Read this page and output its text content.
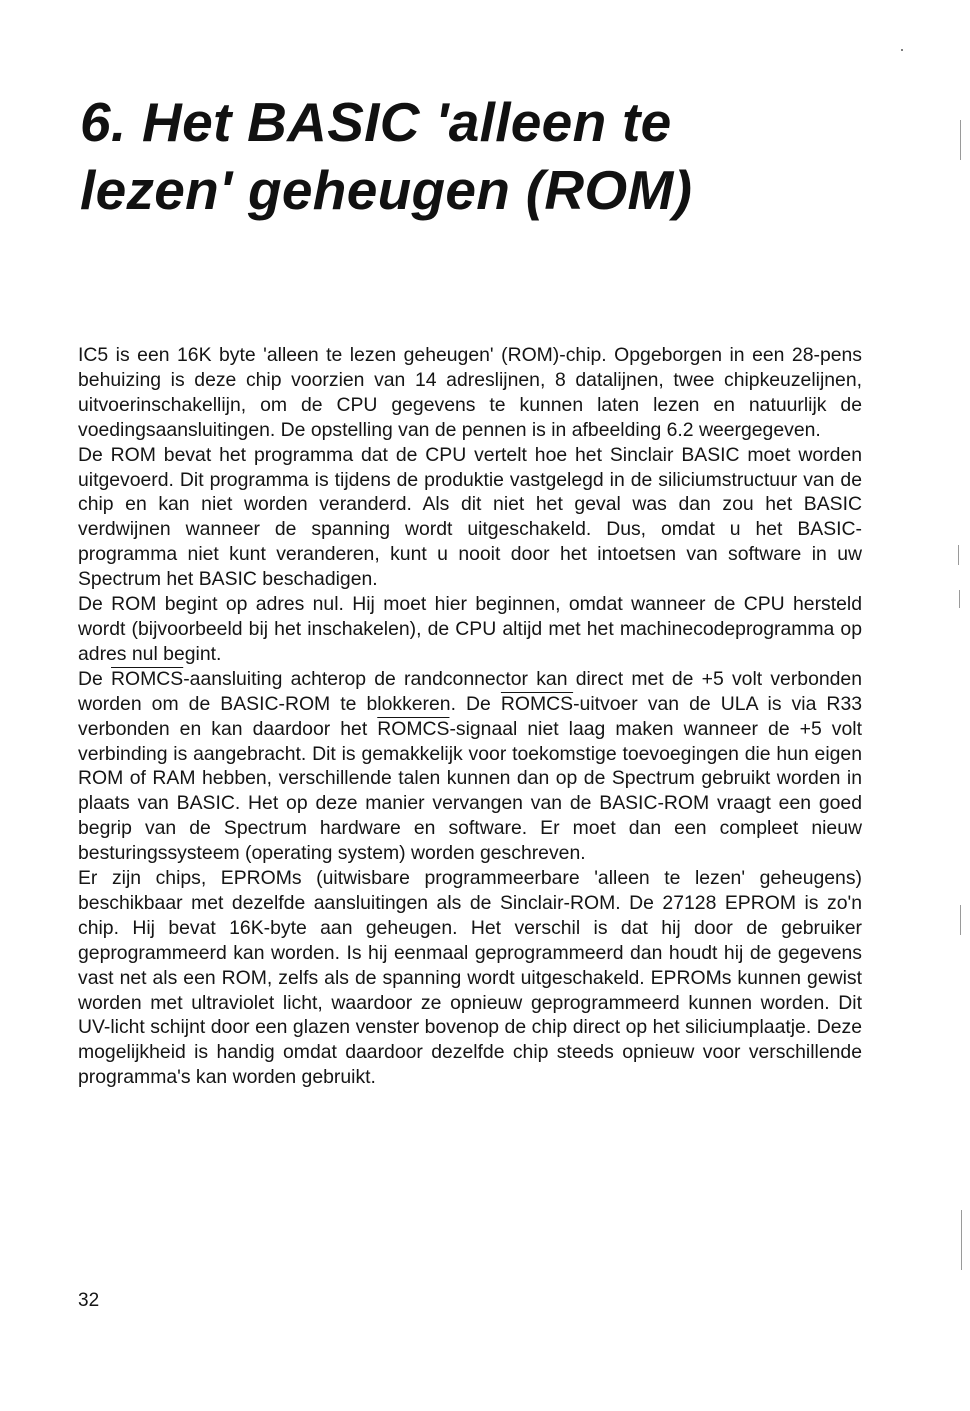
6. Het BASIC 'alleen te
lezen' geheugen (ROM)

IC5 is een 16K byte 'alleen te lezen geheugen' (ROM)-chip. Opgeborgen in een 28-pens behuizing is deze chip voorzien van 14 adreslijnen, 8 datalijnen, twee chipkeuzelijnen, uitvoerinschakellijn, om de CPU gegevens te kunnen laten lezen en natuurlijk de voedingsaansluitingen. De opstelling van de pennen is in afbeelding 6.2 weergegeven.

De ROM bevat het programma dat de CPU vertelt hoe het Sinclair BASIC moet worden uitgevoerd. Dit programma is tijdens de produktie vastgelegd in de siliciumstructuur van de chip en kan niet worden veranderd. Als dit niet het geval was dan zou het BASIC verdwijnen wanneer de spanning wordt uitgeschakeld. Dus, omdat u het BASIC-programma niet kunt veranderen, kunt u nooit door het intoetsen van software in uw Spectrum het BASIC beschadigen.

De ROM begint op adres nul. Hij moet hier beginnen, omdat wanneer de CPU hersteld wordt (bijvoorbeeld bij het inschakelen), de CPU altijd met het machinecodeprogramma op adres nul begint.

De ROMCS-aansluiting achterop de randconnector kan direct met de +5 volt verbonden worden om de BASIC-ROM te blokkeren. De ROMCS-uitvoer van de ULA is via R33 verbonden en kan daardoor het ROMCS-signaal niet laag maken wanneer de +5 volt verbinding is aangebracht. Dit is gemakkelijk voor toekomstige toevoegingen die hun eigen ROM of RAM hebben, verschillende talen kunnen dan op de Spectrum gebruikt worden in plaats van BASIC. Het op deze manier vervangen van de BASIC-ROM vraagt een goed begrip van de Spectrum hardware en software. Er moet dan een compleet nieuw besturingssysteem (operating system) worden geschreven.

Er zijn chips, EPROMs (uitwisbare programmeerbare 'alleen te lezen' geheugens) beschikbaar met dezelfde aansluitingen als de Sinclair-ROM. De 27128 EPROM is zo'n chip. Hij bevat 16K-byte aan geheugen. Het verschil is dat hij door de gebruiker geprogrammeerd kan worden. Is hij eenmaal geprogrammeerd dan houdt hij de gegevens vast net als een ROM, zelfs als de spanning wordt uitgeschakeld. EPROMs kunnen gewist worden met ultraviolet licht, waardoor ze opnieuw geprogrammeerd kunnen worden. Dit UV-licht schijnt door een glazen venster bovenop de chip direct op het siliciumplaatje. Deze mogelijkheid is handig omdat daardoor dezelfde chip steeds opnieuw voor verschillende programma's kan worden gebruikt.

32
